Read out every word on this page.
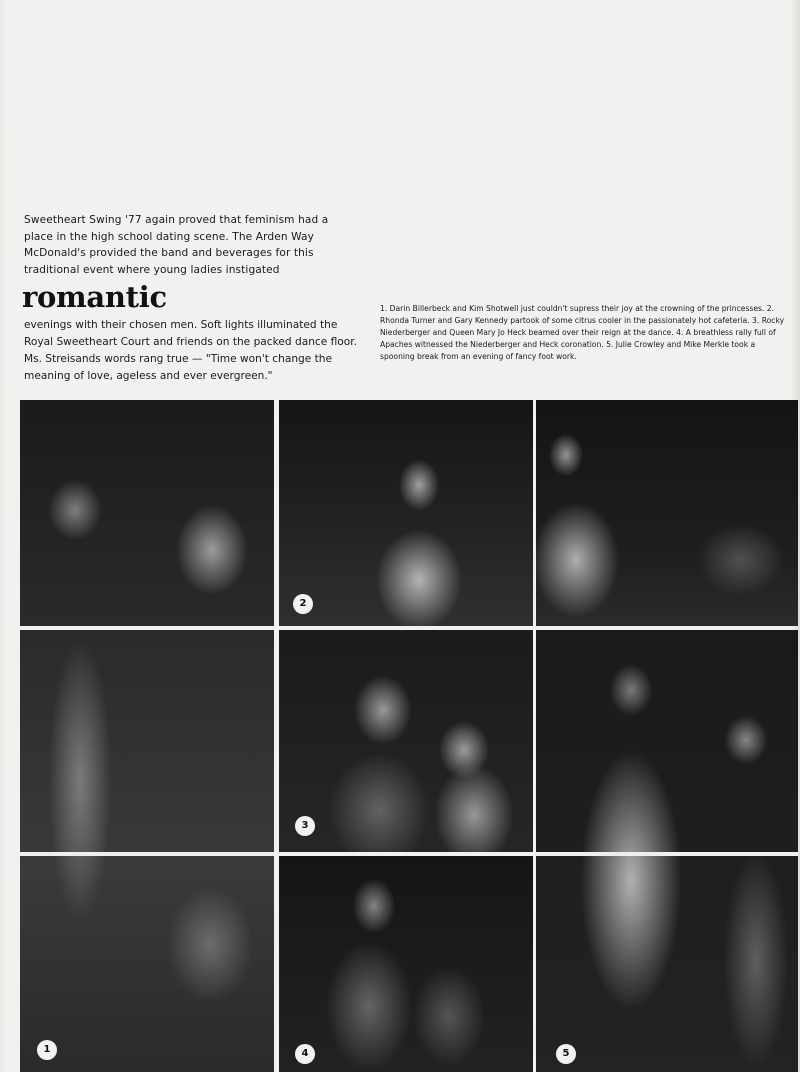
Sweetheart Swing '77 again proved that feminism had a place in the high school dating scene. The Arden Way McDonald's provided the band and beverages for this traditional event where young ladies instigated
romantic
evenings with their chosen men. Soft lights illuminated the Royal Sweetheart Court and friends on the packed dance floor. Ms. Streisands words rang true — "Time won't change the meaning of love, ageless and ever evergreen."
1. Darin Billerbeck and Kim Shotwell just couldn't supress their joy at the crowning of the princesses. 2. Rhonda Turner and Gary Kennedy partook of some citrus cooler in the passionately hot cafeteria. 3. Rocky Niederberger and Queen Mary Jo Heck beamed over their reign at the dance. 4. A breathless rally full of Apaches witnessed the Niederberger and Heck coronation. 5. Julie Crowley and Mike Merkle took a spooning break from an evening of fancy foot work.
1
2
3
4	5
